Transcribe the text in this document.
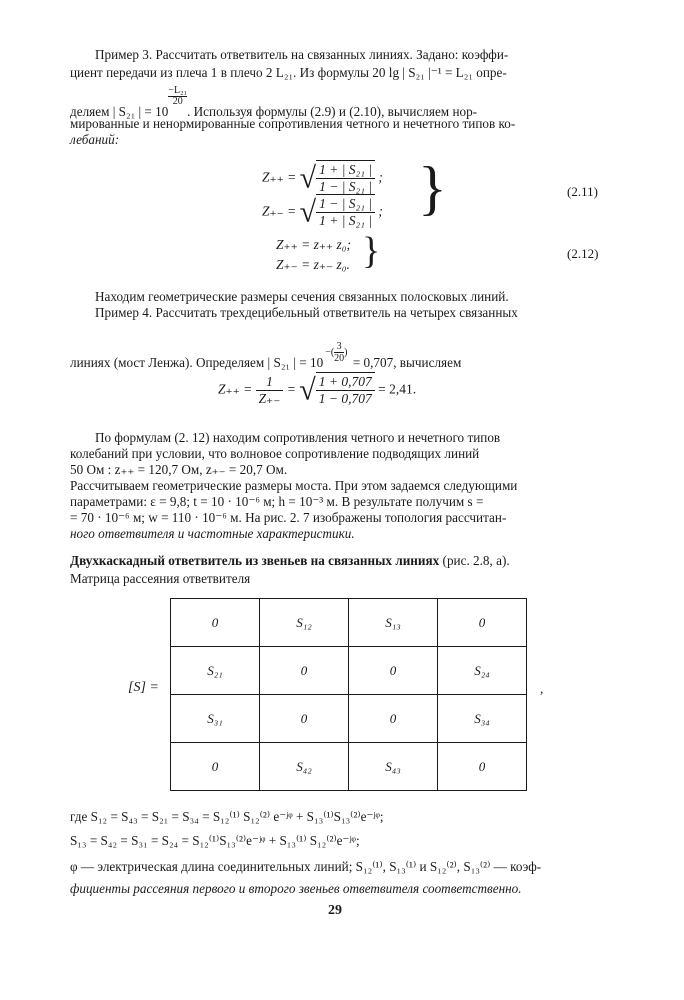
Пример 3. Рассчитать ответвитель на связанных линиях. Задано: коэффи-
циент передачи из плеча 1 в плечо 2 L₂₁. Из формулы 20 lg | S₂₁ |⁻¹ = L₂₁ опре-
деляем | S₂₁ | = 10
$\frac{\text{−L₂₁}}{20}$
. Используя формулы (2.9) и (2.10), вычисляем нор-
мированные и ненормированные сопротивления четного и нечетного типов ко-
лебаний:
Z₊₊ = √ $\frac{\text{1 + | S₂₁ |}}{\text{1 − | S₂₁ |}}$ ;
Z₊₋ = √ $\frac{\text{1 − | S₂₁ |}}{\text{1 + | S₂₁ |}}$ ; }	(2.11)
Z₊₊ = z₊₊ z₀;
Z₊₋ = z₊₋ z₀. }	(2.12)
Находим геометрические размеры сечения связанных полосковых линий.
Пример 4. Рассчитать трехдецибельный ответвитель на четырех связанных
линиях (мост Ленжа). Определяем | S₂₁ | = $10-( \frac{3}{20}$ ) = 0,707, вычисляем
$Z_{++} = \frac{1}{Z_{+-}}$ = √ $\frac{1 + 0,707}{1 - 0,707} = 2,41$.
По формулам (2. 12) находим сопротивления четного и нечетного типов
колебаний при условии, что волновое сопротивление подводящих линий
50 Ом : z₊₊ = 120,7 Ом, z₊₋ = 20,7 Ом.
Рассчитываем геометрические размеры моста. При этом задаемся следующими
параметрами: ε = 9,8; t = 10 · 10⁻⁶ м; h = 10⁻³ м. В результате получим s =
= 70 · 10⁻⁶ м; w = 110 · 10⁻⁶ м. На рис. 2. 7 изображены топология рассчитан-
ного ответвителя и частотные характеристики.
Двухкаскадный ответвитель из звеньев на связанных линиях (рис. 2.8, а).
Матрица рассеяния ответвителя
[S] =
0	S₁₂	S₁₃	0
S₂₁	0	0	S₂₄
S₃₁	0	0	S₃₄
0	S₄₂	S₄₃	0
,
где S₁₂ = S₄₃ = S₂₁ = S₃₄ = S₁₂⁽¹⁾ S₁₂⁽²⁾ e⁻ʲᵠ + S₁₃⁽¹⁾S₁₃⁽²⁾e⁻ʲᵠ;
S₁₃ = S₄₂ = S₃₁ = S₂₄ = S₁₂⁽¹⁾S₁₃⁽²⁾e⁻ʲᵠ + S₁₃⁽¹⁾ S₁₂⁽²⁾e⁻ʲᵠ;
φ — электрическая длина соединительных линий; S₁₂⁽¹⁾, S₁₃⁽¹⁾ и S₁₂⁽²⁾, S₁₃⁽²⁾ — коэф-
фициенты рассеяния первого и второго звеньев ответвителя соответственно.
29
